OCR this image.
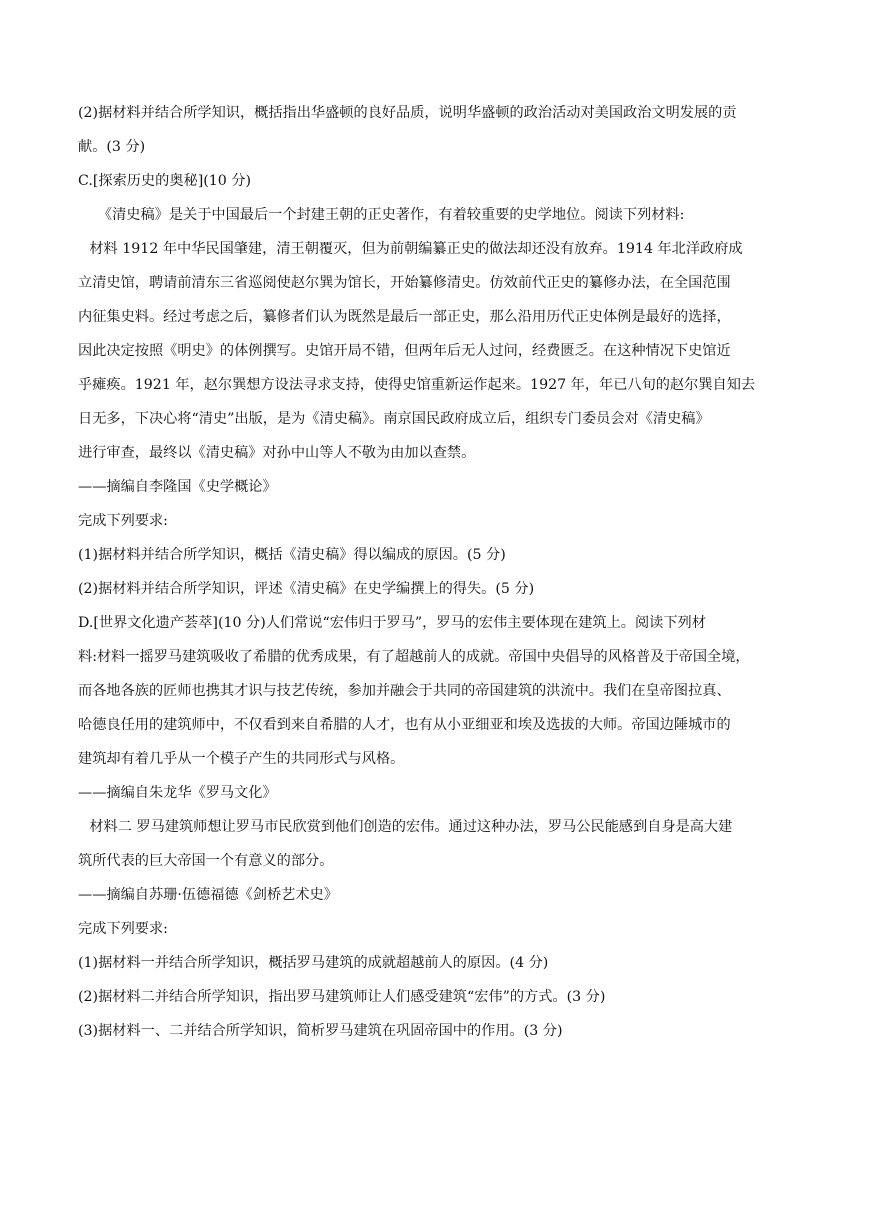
(2)据材料并结合所学知识，概括指出华盛顿的良好品质，说明华盛顿的政治活动对美国政治文明发展的贡
献。(3 分)
C.[探索历史的奥秘](10 分)
《清史稿》是关于中国最后一个封建王朝的正史著作，有着较重要的史学地位。阅读下列材料:
材料 1912 年中华民国肇建，清王朝覆灭，但为前朝编纂正史的做法却还没有放弃。1914 年北洋政府成
立清史馆，聘请前清东三省巡阅使赵尔巽为馆长，开始纂修清史。仿效前代正史的纂修办法，在全国范围
内征集史料。经过考虑之后，纂修者们认为既然是最后一部正史，那么沿用历代正史体例是最好的选择，
因此决定按照《明史》的体例撰写。史馆开局不错，但两年后无人过问，经费匮乏。在这种情况下史馆近
乎瘫痪。1921 年，赵尔巽想方设法寻求支持，使得史馆重新运作起来。1927 年，年已八旬的赵尔巽自知去
日无多，下决心将“清史”出版，是为《清史稿》。南京国民政府成立后，组织专门委员会对《清史稿》
进行审查，最终以《清史稿》对孙中山等人不敬为由加以查禁。
——摘编自李隆国《史学概论》
完成下列要求:
(1)据材料并结合所学知识，概括《清史稿》得以编成的原因。(5 分)
(2)据材料并结合所学知识，评述《清史稿》在史学编撰上的得失。(5 分)
D.[世界文化遗产荟萃](10 分)人们常说“宏伟归于罗马”，罗马的宏伟主要体现在建筑上。阅读下列材
料:材料一摇罗马建筑吸收了希腊的优秀成果，有了超越前人的成就。帝国中央倡导的风格普及于帝国全境，
而各地各族的匠师也携其才识与技艺传统，参加并融会于共同的帝国建筑的洪流中。我们在皇帝图拉真、
哈德良任用的建筑师中，不仅看到来自希腊的人才，也有从小亚细亚和埃及选拔的大师。帝国边陲城市的
建筑却有着几乎从一个模子产生的共同形式与风格。
——摘编自朱龙华《罗马文化》
材料二 罗马建筑师想让罗马市民欣赏到他们创造的宏伟。通过这种办法，罗马公民能感到自身是高大建
筑所代表的巨大帝国一个有意义的部分。
——摘编自苏珊·伍德福德《剑桥艺术史》
完成下列要求:
(1)据材料一并结合所学知识，概括罗马建筑的成就超越前人的原因。(4 分)
(2)据材料二并结合所学知识，指出罗马建筑师让人们感受建筑“宏伟”的方式。(3 分)
(3)据材料一、二并结合所学知识，简析罗马建筑在巩固帝国中的作用。(3 分)
